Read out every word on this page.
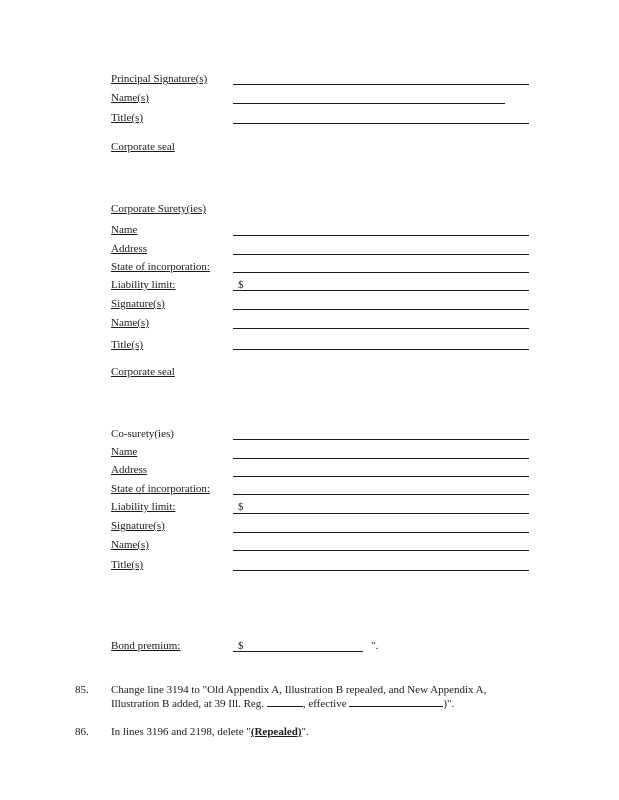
Principal Signature(s)
Name(s)
Title(s)
Corporate seal
Corporate Surety(ies)
Name
Address
State of incorporation:
Liability limit:	$
Signature(s)
Name(s)
Title(s)
Corporate seal
Co-surety(ies)
Name
Address
State of incorporation:
Liability limit:	$
Signature(s)
Name(s)
Title(s)
Bond premium:	$	".
85. Change line 3194 to "Old Appendix A, Illustration B repealed, and New Appendix A,
Illustration B added, at 39 Ill. Reg.	, effective	)".
86. In lines 3196 and 2198, delete "(Repealed)".
